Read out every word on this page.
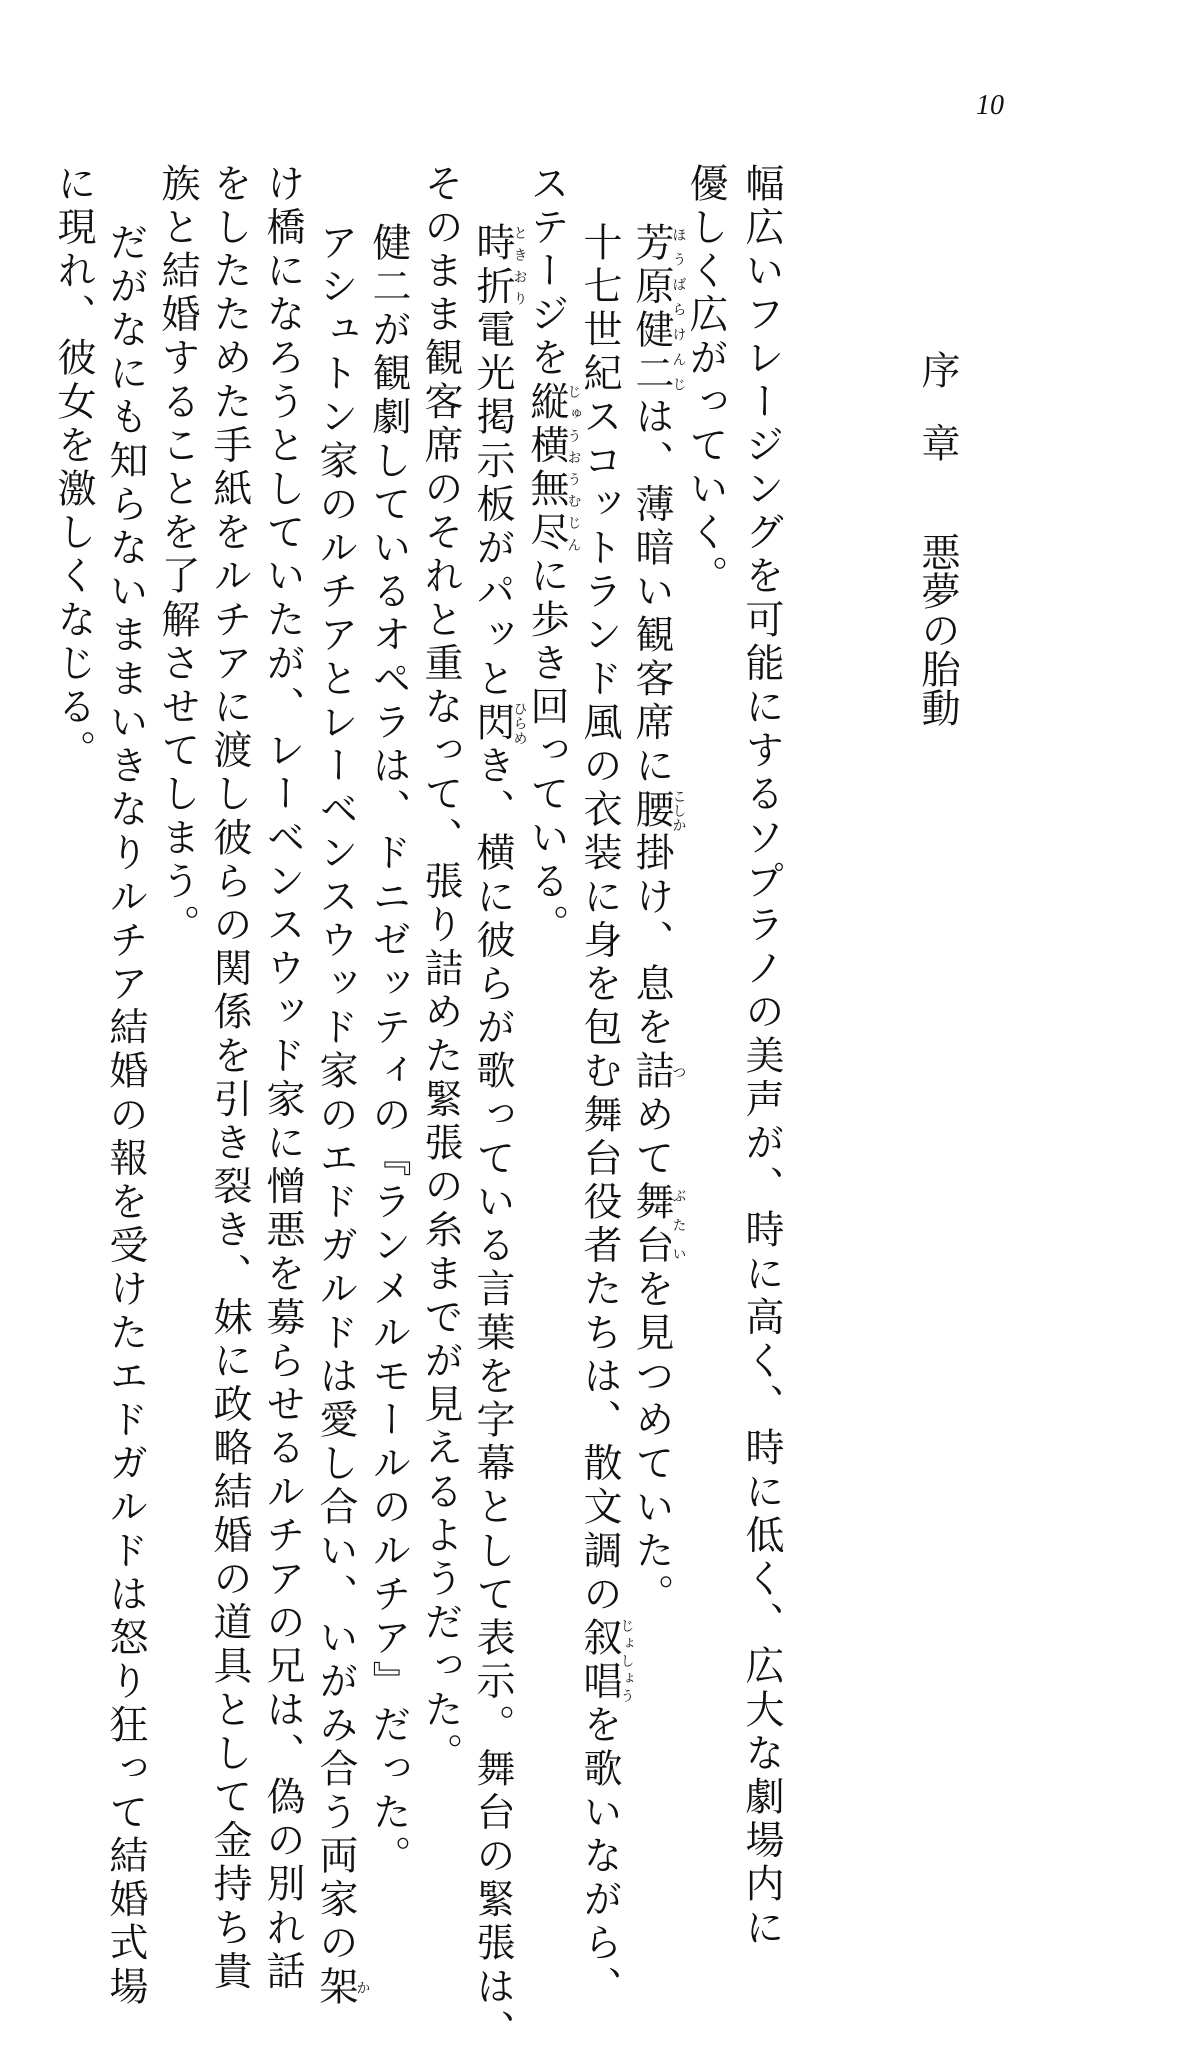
10
序章悪夢の胎動
幅広いフレージングを可能にするソプラノの美声が、時に高く、時に低く、広大な劇場内に
優しく広がっていく。
芳原健二ほうばらけんじは、薄暗い観客席に腰こしか掛け、息を詰つめて舞台ぶたいを見つめていた。
十七世紀スコットランド風の衣装に身を包む舞台役者たちは、散文調の叙唱じょしょうを歌いながら、
ステージを縦横無尽じゅうおうむじんに歩き回っている。
時折ときおり電光掲示板がパッと閃ひらめき、横に彼らが歌っている言葉を字幕として表示。舞台の緊張は、
そのまま観客席のそれと重なって、張り詰めた緊張の糸までが見えるようだった。
健二が観劇しているオペラは、ドニゼッティの『ランメルモールのルチア』だった。
アシュトン家のルチアとレーベンスウッド家のエドガルドは愛し合い、いがみ合う両家の架か
け橋になろうとしていたが、レーベンスウッド家に憎悪を募らせるルチアの兄は、偽の別れ話
をしたためた手紙をルチアに渡し彼らの関係を引き裂き、妹に政略結婚の道具として金持ち貴
族と結婚することを了解させてしまう。
だがなにも知らないままいきなりルチア結婚の報を受けたエドガルドは怒り狂って結婚式場
に現れ、彼女を激しくなじる。
